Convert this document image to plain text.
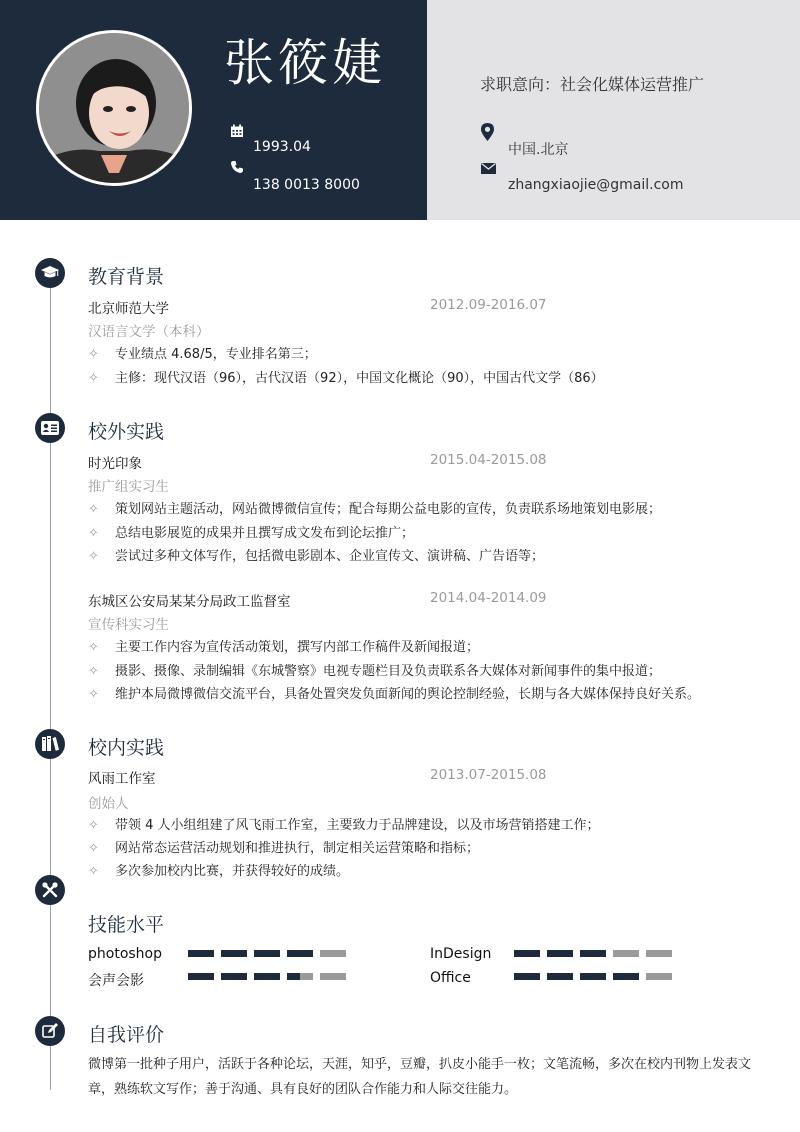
张筱婕
1993.04
138 0013 8000
求职意向：社会化媒体运营推广
中国.北京
zhangxiaojie@gmail.com
教育背景
北京师范大学	2012.09-2016.07
汉语言文学（本科）
✧ 专业绩点 4.68/5，专业排名第三；
✧ 主修：现代汉语（96），古代汉语（92），中国文化概论（90），中国古代文学（86）
校外实践
时光印象	2015.04-2015.08
推广组实习生
✧ 策划网站主题活动，网站微博微信宣传；配合每期公益电影的宣传，负责联系场地策划电影展；
✧ 总结电影展览的成果并且撰写成文发布到论坛推广；
✧ 尝试过多种文体写作，包括微电影剧本、企业宣传文、演讲稿、广告语等；
东城区公安局某某分局政工监督室	2014.04-2014.09
宣传科实习生
✧ 主要工作内容为宣传活动策划，撰写内部工作稿件及新闻报道；
✧ 摄影、摄像、录制编辑《东城警察》电视专题栏目及负责联系各大媒体对新闻事件的集中报道；
✧ 维护本局微博微信交流平台，具备处置突发负面新闻的舆论控制经验，长期与各大媒体保持良好关系。
校内实践
风雨工作室	2013.07-2015.08
创始人
✧ 带领 4 人小组组建了风飞雨工作室，主要致力于品牌建设，以及市场营销搭建工作；
✧ 网站常态运营活动规划和推进执行，制定相关运营策略和指标；
✧ 多次参加校内比赛，并获得较好的成绩。
技能水平
photoshop	InDesign
会声会影	Office
自我评价
微博第一批种子用户，活跃于各种论坛，天涯，知乎，豆瓣，扒皮小能手一枚；文笔流畅，多次在校内刊物上发表文章，熟练软文写作；善于沟通、具有良好的团队合作能力和人际交往能力。
